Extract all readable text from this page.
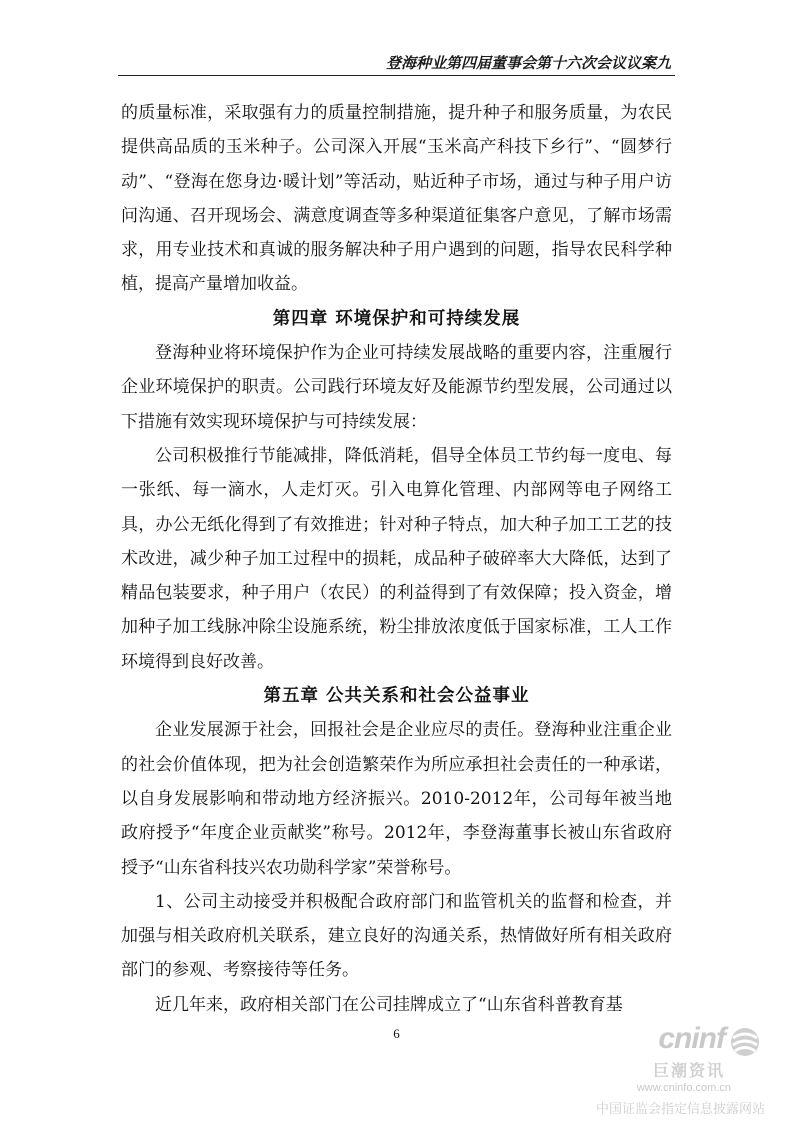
登海种业第四届董事会第十六次会议议案九

的质量标准，采取强有力的质量控制措施，提升种子和服务质量，为农民提供高品质的玉米种子。公司深入开展“玉米高产科技下乡行”、“圆梦行动”、“登海在您身边·暖计划”等活动，贴近种子市场，通过与种子用户访问沟通、召开现场会、满意度调查等多种渠道征集客户意见，了解市场需求，用专业技术和真诚的服务解决种子用户遇到的问题，指导农民科学种植，提高产量增加收益。

第四章 环境保护和可持续发展

登海种业将环境保护作为企业可持续发展战略的重要内容，注重履行企业环境保护的职责。公司践行环境友好及能源节约型发展，公司通过以下措施有效实现环境保护与可持续发展：

公司积极推行节能减排，降低消耗，倡导全体员工节约每一度电、每一张纸、每一滴水，人走灯灭。引入电算化管理、内部网等电子网络工具，办公无纸化得到了有效推进；针对种子特点，加大种子加工工艺的技术改进，减少种子加工过程中的损耗，成品种子破碎率大大降低，达到了精品包装要求，种子用户（农民）的利益得到了有效保障；投入资金，增加种子加工线脉冲除尘设施系统，粉尘排放浓度低于国家标准，工人工作环境得到良好改善。

第五章 公共关系和社会公益事业

企业发展源于社会，回报社会是企业应尽的责任。登海种业注重企业的社会价值体现，把为社会创造繁荣作为所应承担社会责任的一种承诺，以自身发展影响和带动地方经济振兴。2010-2012年，公司每年被当地政府授予“年度企业贡献奖”称号。2012年，李登海董事长被山东省政府授予“山东省科技兴农功勋科学家”荣誉称号。

1、公司主动接受并积极配合政府部门和监管机关的监督和检查，并加强与相关政府机关联系，建立良好的沟通关系，热情做好所有相关政府部门的参观、考察接待等任务。

近几年来，政府相关部门在公司挂牌成立了“山东省科普教育基

6	cninf
巨潮资讯
www.cninfo.com.cn
中国证监会指定信息披露网站
